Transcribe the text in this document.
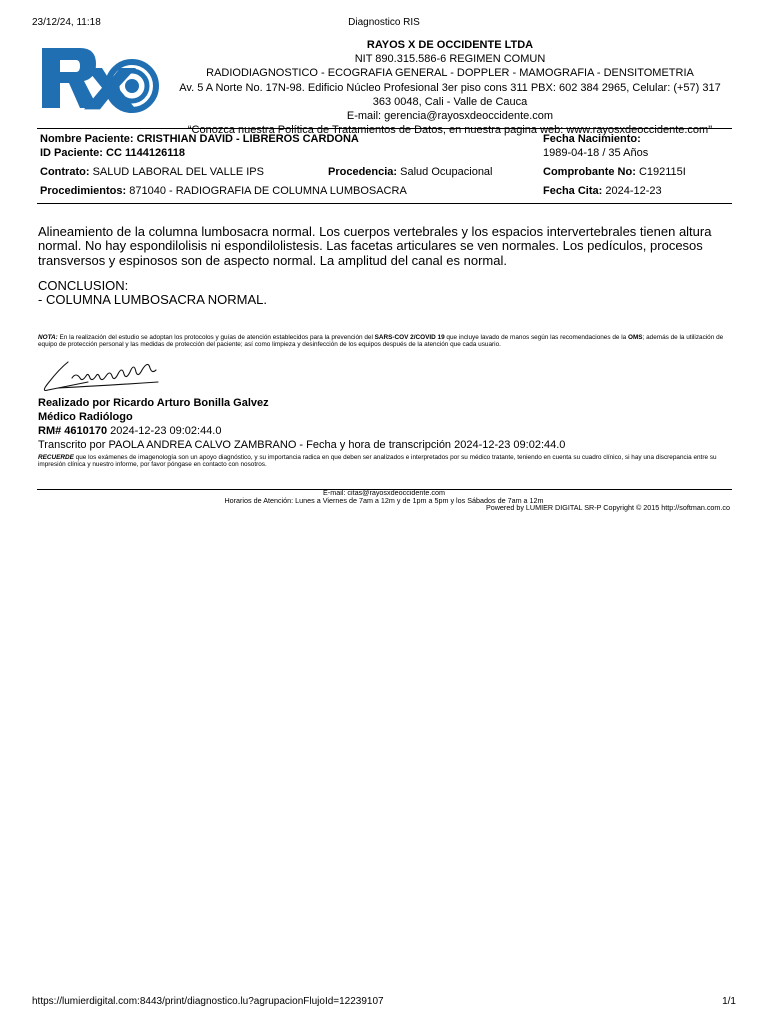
23/12/24, 11:18	Diagnostico RIS
RAYOS X DE OCCIDENTE LTDA
NIT 890.315.586-6 REGIMEN COMUN
RADIODIAGNOSTICO - ECOGRAFIA GENERAL - DOPPLER - MAMOGRAFIA - DENSITOMETRIA
Av. 5 A Norte No. 17N-98. Edificio Núcleo Profesional 3er piso cons 311 PBX: 602 384 2965, Celular: (+57) 317
363 0048, Cali - Valle de Cauca
E-mail: gerencia@rayosxdeoccidente.com
“Conozca nuestra Política de Tratamientos de Datos, en nuestra pagina web: www.rayosxdeoccidente.com"
Nombre Paciente: CRISTHIAN DAVID - LIBREROS CARDONA
ID Paciente: CC 1144126118
Fecha Nacimiento:
1989-04-18 / 35 Años
Contrato: SALUD LABORAL DEL VALLE IPS	Procedencia: Salud Ocupacional	Comprobante No: C192115I
Procedimientos: 871040 - RADIOGRAFIA DE COLUMNA LUMBOSACRA	Fecha Cita: 2024-12-23
Alineamiento de la columna lumbosacra normal. Los cuerpos vertebrales y los espacios intervertebrales tienen altura
normal. No hay espondilolisis ni espondilolistesis. Las facetas articulares se ven normales. Los pedículos, procesos
transversos y espinosos son de aspecto normal. La amplitud del canal es normal.
CONCLUSION:
- COLUMNA LUMBOSACRA NORMAL.
NOTA: En la realización del estudio se adoptan los protocolos y guías de atención establecidos para la prevención del SARS-COV 2/COVID 19 que incluye lavado de manos según las recomendaciones de la OMS; además de la utilización de equipo de protección personal y las medidas de protección del paciente; así como limpieza y desinfección de los equipos después de la atención que cada usuario.
Realizado por Ricardo Arturo Bonilla Galvez
Médico Radiólogo
RM# 4610170 2024-12-23 09:02:44.0
Transcrito por PAOLA ANDREA CALVO ZAMBRANO - Fecha y hora de transcripción 2024-12-23 09:02:44.0
RECUERDE que los exámenes de imagenología son un apoyo diagnóstico, y su importancia radica en que deben ser analizados e interpretados por su médico tratante, teniendo en cuenta su cuadro clínico, si hay una discrepancia entre su impresión clínica y nuestro informe, por favor póngase en contacto con nosotros.
E-mail: citas@rayosxdeoccidente.com
Horarios de Atención: Lunes a Viernes de 7am a 12m y de 1pm a 5pm y los Sábados de 7am a 12m
Powered by LUMIER DIGITAL SR-P Copyright © 2015 http://softman.com.co
https://lumierdigital.com:8443/print/diagnostico.lu?agrupacionFlujoId=12239107	1/1
